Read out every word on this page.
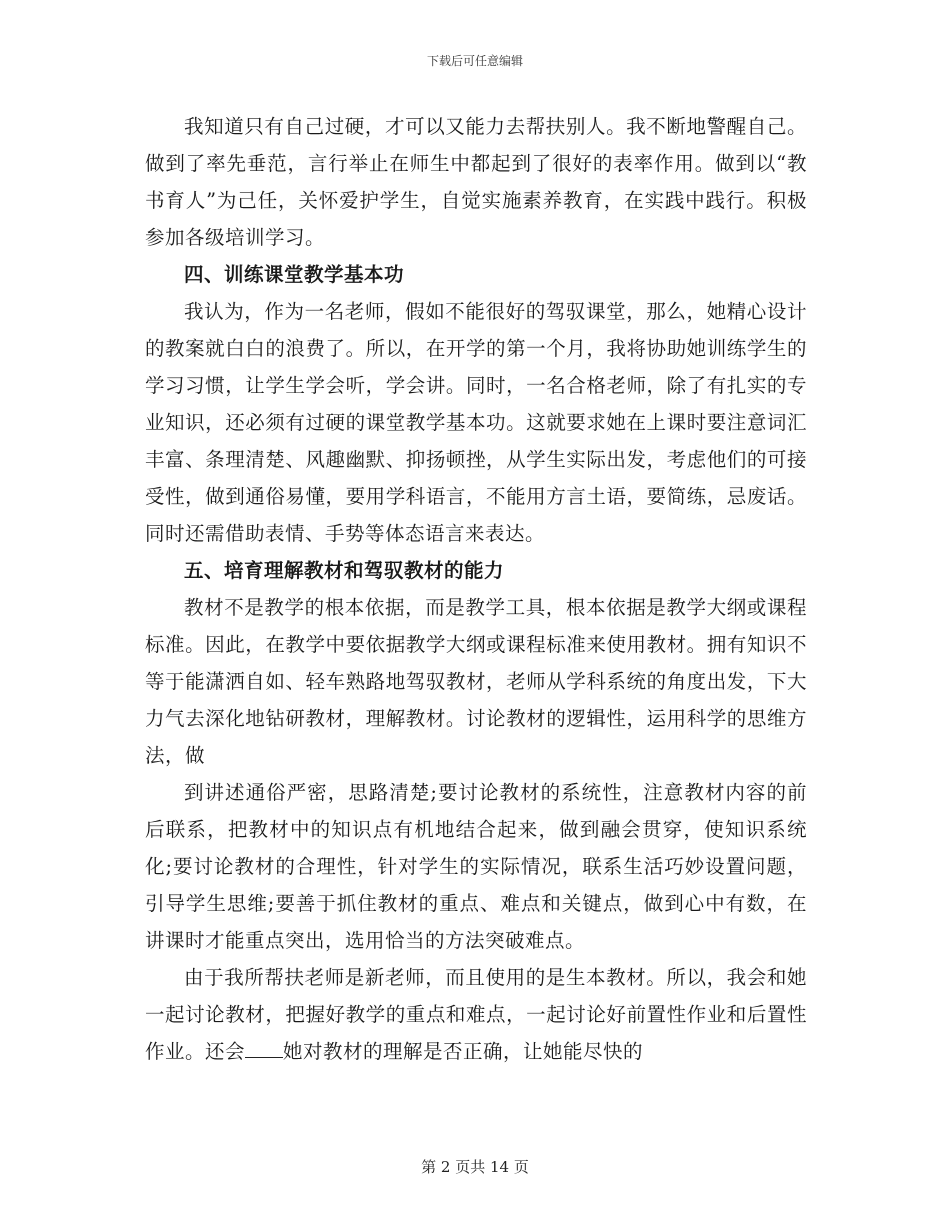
下载后可任意编辑

我知道只有自己过硬，才可以又能力去帮扶别人。我不断地警醒自己。做到了率先垂范，言行举止在师生中都起到了很好的表率作用。做到以“教书育人”为己任，关怀爱护学生，自觉实施素养教育，在实践中践行。积极参加各级培训学习。

四、训练课堂教学基本功

我认为，作为一名老师，假如不能很好的驾驭课堂，那么，她精心设计的教案就白白的浪费了。所以，在开学的第一个月，我将协助她训练学生的学习习惯，让学生学会听，学会讲。同时，一名合格老师，除了有扎实的专业知识，还必须有过硬的课堂教学基本功。这就要求她在上课时要注意词汇丰富、条理清楚、风趣幽默、抑扬顿挫，从学生实际出发，考虑他们的可接受性，做到通俗易懂，要用学科语言，不能用方言土语，要简练，忌废话。同时还需借助表情、手势等体态语言来表达。

五、培育理解教材和驾驭教材的能力

教材不是教学的根本依据，而是教学工具，根本依据是教学大纲或课程标准。因此，在教学中要依据教学大纲或课程标准来使用教材。拥有知识不等于能潇洒自如、轻车熟路地驾驭教材，老师从学科系统的角度出发，下大力气去深化地钻研教材，理解教材。讨论教材的逻辑性，运用科学的思维方法，做

到讲述通俗严密，思路清楚;要讨论教材的系统性，注意教材内容的前后联系，把教材中的知识点有机地结合起来，做到融会贯穿，使知识系统化;要讨论教材的合理性，针对学生的实际情况，联系生活巧妙设置问题，引导学生思维;要善于抓住教材的重点、难点和关键点，做到心中有数，在讲课时才能重点突出，选用恰当的方法突破难点。

由于我所帮扶老师是新老师，而且使用的是生本教材。所以，我会和她一起讨论教材，把握好教学的重点和难点，一起讨论好前置性作业和后置性作业。还会 她对教材的理解是否正确，让她能尽快的

第 2 页共 14 页
